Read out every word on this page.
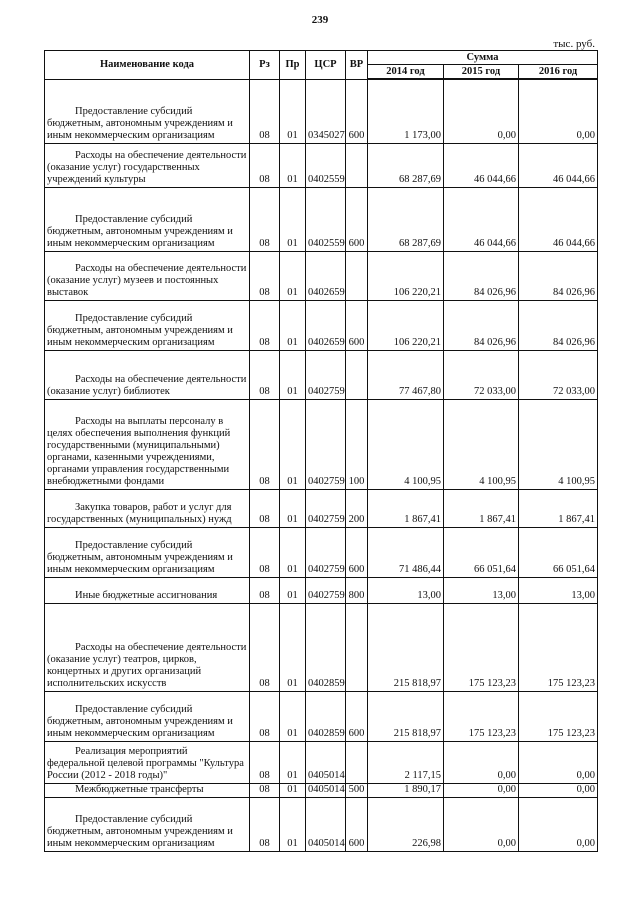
239
тыс. руб.
Наименование кода	Рз	Пр	ЦСР	ВР	Сумма		
					2014 год	2015 год	2016 год
Предоставление субсидий бюджетным, автономным учреждениям и иным некоммерческим организациям	08	01	0345027	600	1 173,00	0,00	0,00
Расходы на обеспечение деятельности (оказание услуг) государственных учреждений культуры	08	01	0402559		68 287,69	46 044,66	46 044,66
Предоставление субсидий бюджетным, автономным учреждениям и иным некоммерческим организациям	08	01	0402559	600	68 287,69	46 044,66	46 044,66
Расходы на обеспечение деятельности (оказание услуг) музеев и постоянных выставок	08	01	0402659		106 220,21	84 026,96	84 026,96
Предоставление субсидий бюджетным, автономным учреждениям и иным некоммерческим организациям	08	01	0402659	600	106 220,21	84 026,96	84 026,96
Расходы на обеспечение деятельности (оказание услуг) библиотек	08	01	0402759		77 467,80	72 033,00	72 033,00
Расходы на выплаты персоналу в целях обеспечения выполнения функций государственными (муниципальными) органами, казенными учреждениями, органами управления государственными внебюджетными фондами	08	01	0402759	100	4 100,95	4 100,95	4 100,95
Закупка товаров, работ и услуг для государственных (муниципальных) нужд	08	01	0402759	200	1 867,41	1 867,41	1 867,41
Предоставление субсидий бюджетным, автономным учреждениям и иным некоммерческим организациям	08	01	0402759	600	71 486,44	66 051,64	66 051,64
Иные бюджетные ассигнования	08	01	0402759	800	13,00	13,00	13,00
Расходы на обеспечение деятельности (оказание услуг) театров, цирков, концертных и других организаций исполнительских искусств	08	01	0402859		215 818,97	175 123,23	175 123,23
Предоставление субсидий бюджетным, автономным учреждениям и иным некоммерческим организациям	08	01	0402859	600	215 818,97	175 123,23	175 123,23
Реализация мероприятий федеральной целевой программы "Культура России (2012 - 2018 годы)"	08	01	0405014		2 117,15	0,00	0,00
Межбюджетные трансферты	08	01	0405014	500	1 890,17	0,00	0,00
Предоставление субсидий бюджетным, автономным учреждениям и иным некоммерческим организациям	08	01	0405014	600	226,98	0,00	0,00
